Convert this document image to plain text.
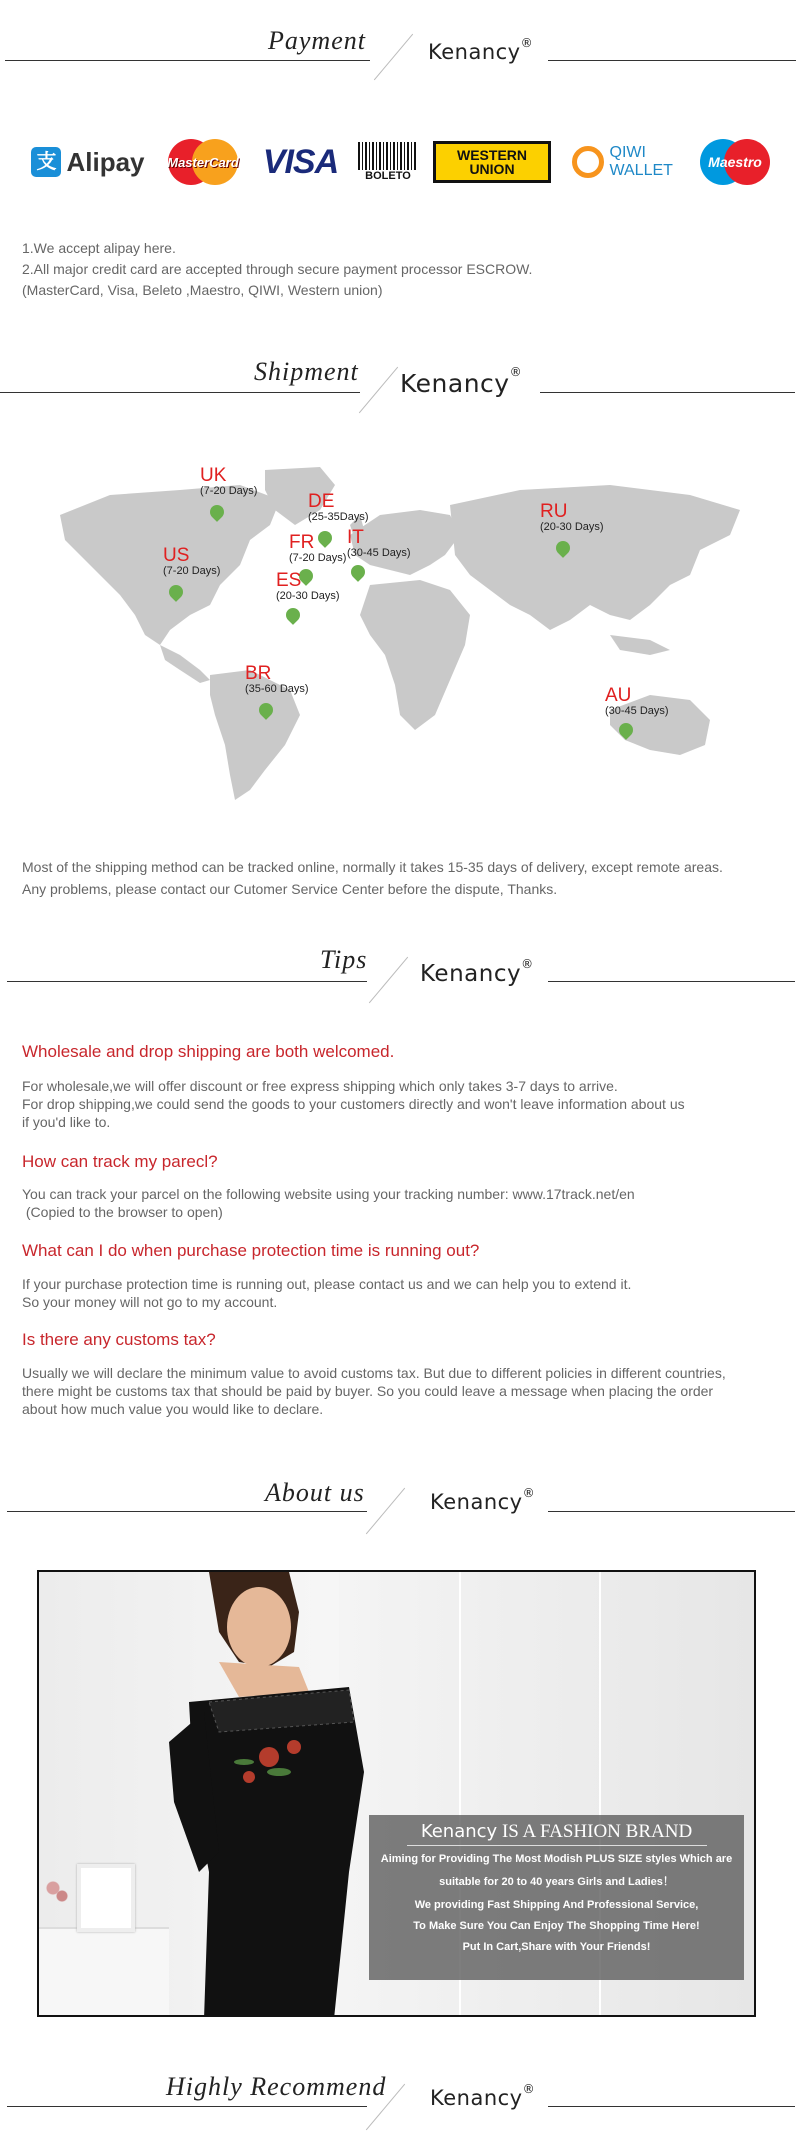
Payment	Kenancy®
支 Alipay MasterCard VISA	BOLETO
WESTERN UNION
QIWI WALLET	Maestro
1.We accept alipay here.
2.All major credit card are accepted through secure payment processor ESCROW.
(MasterCard, Visa, Beleto ,Maestro, QIWI, Western union)
Shipment Kenancy®
UK
(7-20 Days)	DE
(25-35Days)
FR
(7-20 Days)
IT
(30-45 Days)
ES
(20-30 Days)
RU
(20-30 Days)
US
(7-20 Days)
BR
(35-60 Days)	AU
(30-45 Days)
Most of the shipping method can be tracked online, normally it takes 15-35 days of delivery, except remote areas.
Any problems, please contact our Cutomer Service Center before the dispute, Thanks.
Tips Kenancy®
Wholesale and drop shipping are both welcomed.
For wholesale,we will offer discount or free express shipping which only takes 3-7 days to arrive.
For drop shipping,we could send the goods to your customers directly and won't leave information about us
if you'd like to.
How can track my parecl?
You can track your parcel on the following website using your tracking number: www.17track.net/en
(Copied to the browser to open)
What can I do when purchase protection time is running out?
If your purchase protection time is running out, please contact us and we can help you to extend it.
So your money will not go to my account.
Is there any customs tax?
Usually we will declare the minimum value to avoid customs tax. But due to different policies in different countries,
there might be customs tax that should be paid by buyer. So you could leave a message when placing the order
about how much value you would like to declare.
About us	Kenancy®
Kenancy IS A FASHION BRAND
Aiming for Providing The Most Modish PLUS SIZE styles Which are
suitable for 20 to 40 years Girls and Ladies！
We providing Fast Shipping And Professional Service,
To Make Sure You Can Enjoy The Shopping Time Here!
Put In Cart,Share with Your Friends!
Highly Recommend Kenancy®
